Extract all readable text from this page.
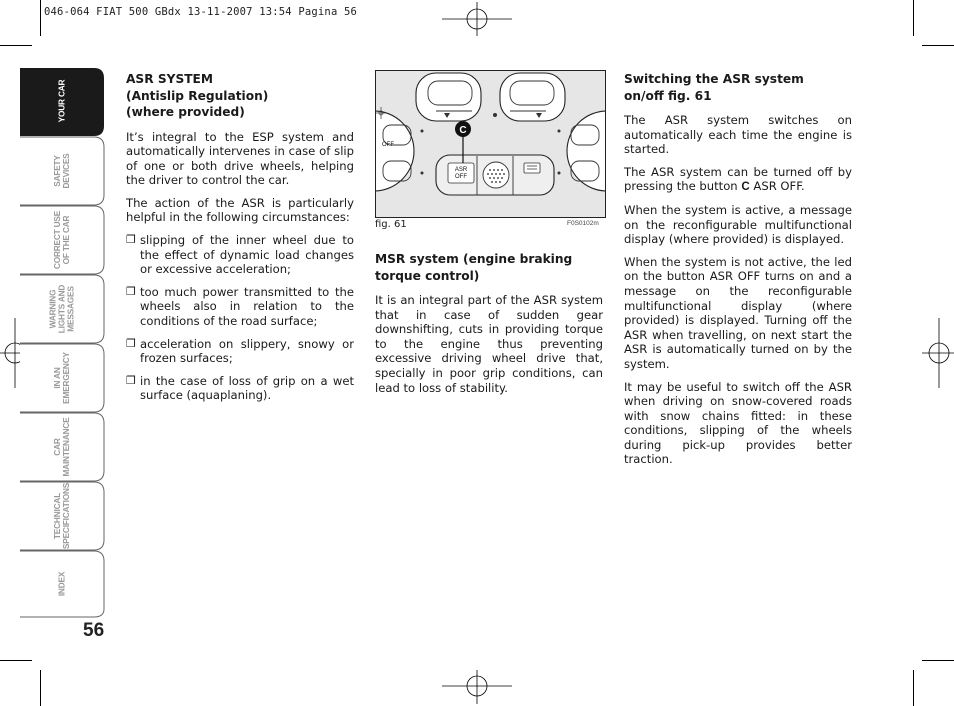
046-064 FIAT 500 GBdx 13-11-2007 13:54 Pagina 56
YOUR CAR
SAFETY
DEVICES
CORRECT USE
OF THE CAR
WARNING
LIGHTS AND
MESSAGES
IN AN
EMERGENCY
CAR
MAINTENANCE
TECHNICAL
SPECIFICATIONS
INDEX
56
ASR SYSTEM
(Antislip Regulation)
(where provided)

It’s integral to the ESP system and automatically intervenes in case of slip of one or both drive wheels, helping the driver to control the car.

The action of the ASR is particularly helpful in the following circumstances:

❒ slipping of the inner wheel due to the effect of dynamic load changes or excessive acceleration;
❒ too much power transmitted to the wheels also in relation to the conditions of the road surface;
❒ acceleration on slippery, snowy or frozen surfaces;
❒ in the case of loss of grip on a wet surface (aquaplaning).
C
ASR
OFF
OFF
fig. 61	F0S0102m
MSR system (engine braking
torque control)

It is an integral part of the ASR system that in case of sudden gear downshifting, cuts in providing torque to the engine thus preventing excessive driving wheel drive that, specially in poor grip conditions, can lead to loss of stability.

Switching the ASR system
on/off fig. 61

The ASR system switches on automatically each time the engine is started.

The ASR system can be turned off by pressing the button C ASR OFF.

When the system is active, a message on the reconfigurable multifunctional display (where provided) is displayed.

When the system is not active, the led on the button ASR OFF turns on and a message on the reconfigurable multifunctional display (where provided) is displayed. Turning off the ASR when travelling, on next start the ASR is automatically turned on by the system.

It may be useful to switch off the ASR when driving on snow-covered roads with snow chains fitted: in these conditions, slipping of the wheels during pick-up provides better traction.
